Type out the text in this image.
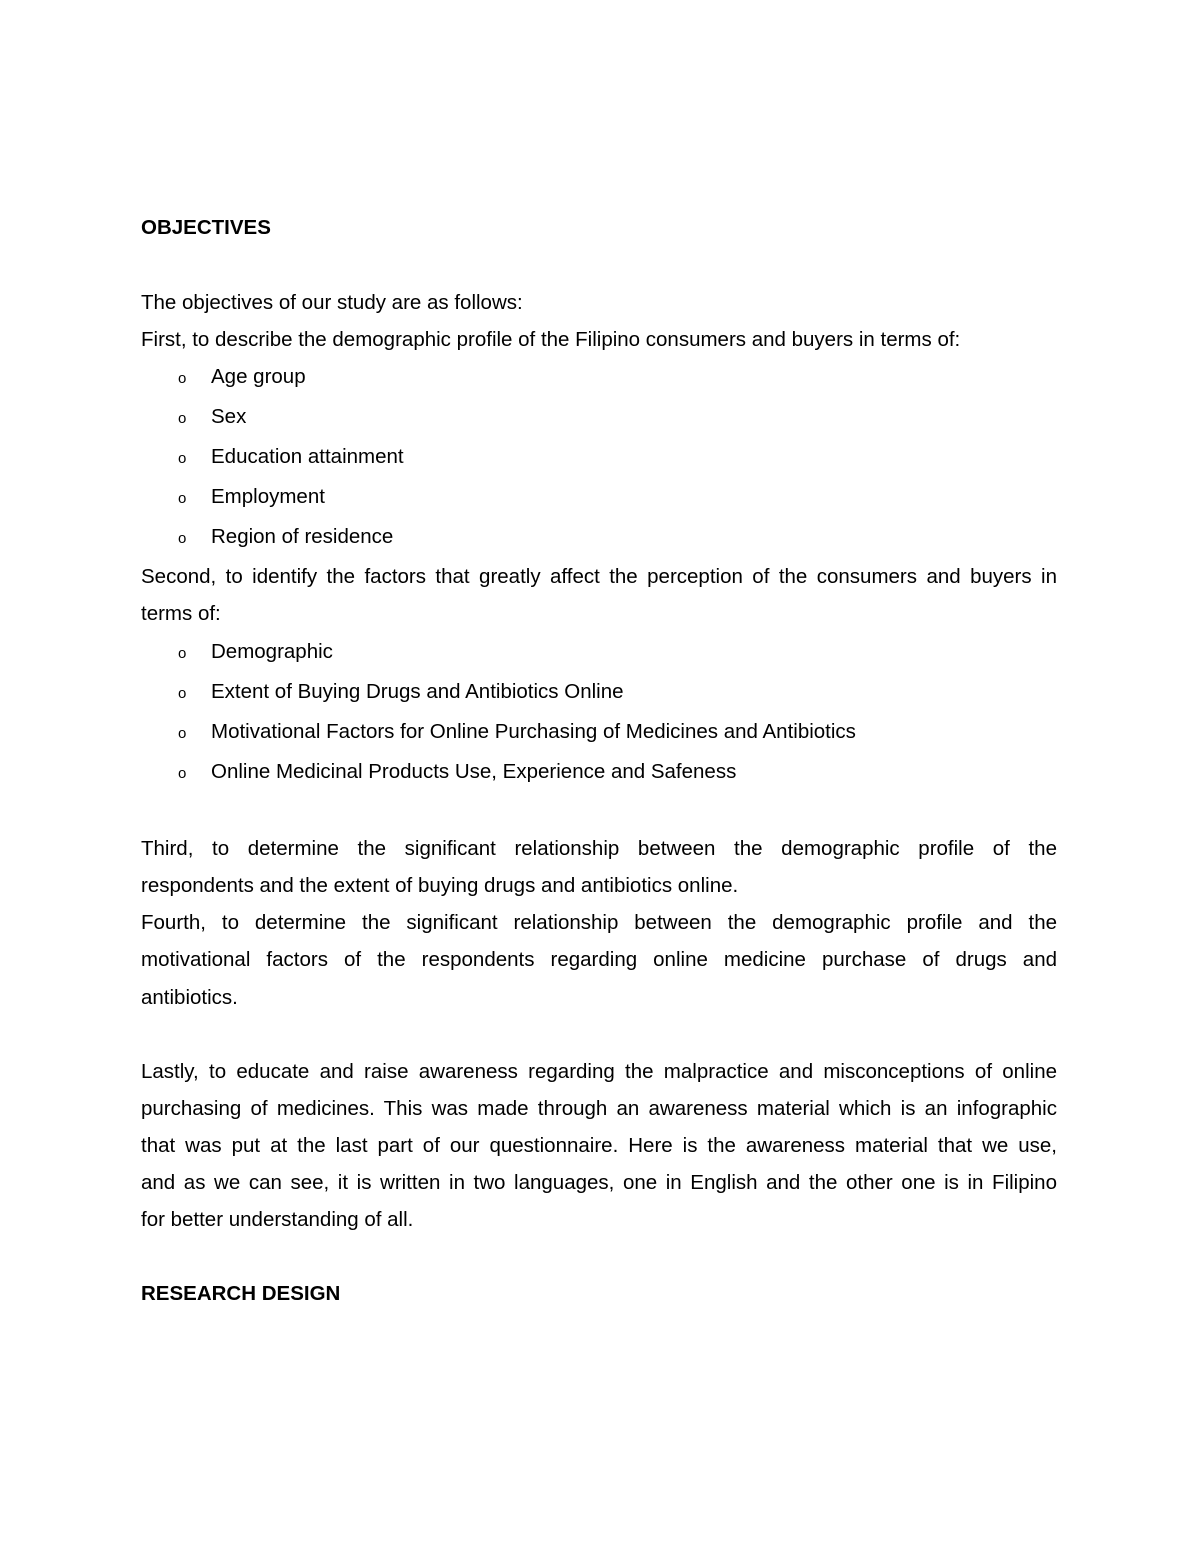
OBJECTIVES
The objectives of our study are as follows:
First, to describe the demographic profile of the Filipino consumers and buyers in terms of:
o Age group
o Sex
o Education attainment
o Employment
o Region of residence
Second, to identify the factors that greatly affect the perception of the consumers and buyers in
terms of:
o Demographic
o Extent of Buying Drugs and Antibiotics Online
o Motivational Factors for Online Purchasing of Medicines and Antibiotics
o Online Medicinal Products Use, Experience and Safeness
Third, to determine the significant relationship between the demographic profile of the
respondents and the extent of buying drugs and antibiotics online.
Fourth, to determine the significant relationship between the demographic profile and the
motivational factors of the respondents regarding online medicine purchase of drugs and
antibiotics.
Lastly, to educate and raise awareness regarding the malpractice and misconceptions of online
purchasing of medicines. This was made through an awareness material which is an infographic
that was put at the last part of our questionnaire. Here is the awareness material that we use,
and as we can see, it is written in two languages, one in English and the other one is in Filipino
for better understanding of all.
RESEARCH DESIGN
